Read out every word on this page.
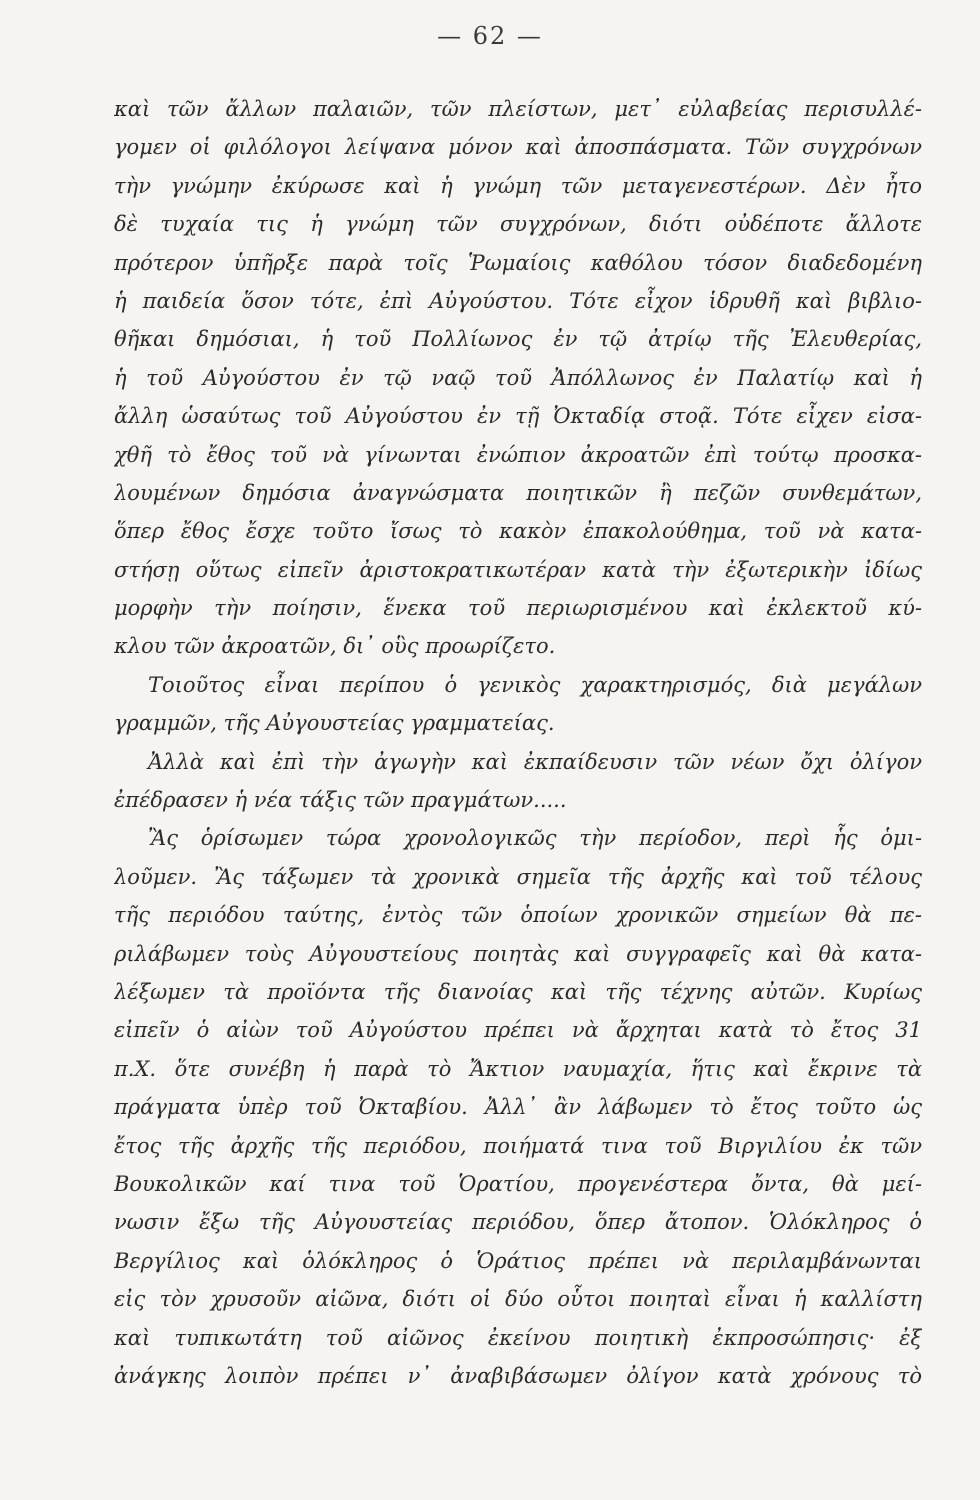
— 62 —
καὶ τῶν ἄλλων παλαιῶν, τῶν πλείστων, μετ᾽ εὐλαβείας περισυλλέ-
γομεν οἱ φιλόλογοι λείψανα μόνον καὶ ἀποσπάσματα. Τῶν συγχρόνων
τὴν γνώμην ἐκύρωσε καὶ ἡ γνώμη τῶν μεταγενεστέρων. Δὲν ἦτο
δὲ τυχαία τις ἡ γνώμη τῶν συγχρόνων, διότι οὐδέποτε ἄλλοτε
πρότερον ὑπῆρξε παρὰ τοῖς Ῥωμαίοις καθόλου τόσον διαδεδομένη
ἡ παιδεία ὅσον τότε, ἐπὶ Αὐγούστου. Τότε εἶχον ἱδρυθῆ καὶ βιβλιο-
θῆκαι δημόσιαι, ἡ τοῦ Πολλίωνος ἐν τῷ ἀτρίῳ τῆς Ἐλευθερίας,
ἡ τοῦ Αὐγούστου ἐν τῷ ναῷ τοῦ Ἀπόλλωνος ἐν Παλατίῳ καὶ ἡ
ἄλλη ὡσαύτως τοῦ Αὐγούστου ἐν τῇ Ὀκταδίᾳ στοᾷ. Τότε εἶχεν εἰσα-
χθῆ τὸ ἔθος τοῦ νὰ γίνωνται ἐνώπιον ἀκροατῶν ἐπὶ τούτῳ προσκα-
λουμένων δημόσια ἀναγνώσματα ποιητικῶν ἢ πεζῶν συνθεμάτων,
ὅπερ ἔθος ἔσχε τοῦτο ἴσως τὸ κακὸν ἐπακολούθημα, τοῦ νὰ κατα-
στήσῃ οὕτως εἰπεῖν ἀριστοκρατικωτέραν κατὰ τὴν ἐξωτερικὴν ἰδίως
μορφὴν τὴν ποίησιν, ἕνεκα τοῦ περιωρισμένου καὶ ἐκλεκτοῦ κύ-
κλου τῶν ἀκροατῶν, δι᾽ οὓς προωρίζετο.
Τοιοῦτος εἶναι περίπου ὁ γενικὸς χαρακτηρισμός, διὰ μεγάλων
γραμμῶν, τῆς Αὐγουστείας γραμματείας.
Ἀλλὰ καὶ ἐπὶ τὴν ἀγωγὴν καὶ ἐκπαίδευσιν τῶν νέων ὄχι ὀλίγον
ἐπέδρασεν ἡ νέα τάξις τῶν πραγμάτων.....
Ἂς ὁρίσωμεν τώρα χρονολογικῶς τὴν περίοδον, περὶ ἧς ὁμι-
λοῦμεν. Ἂς τάξωμεν τὰ χρονικὰ σημεῖα τῆς ἀρχῆς καὶ τοῦ τέλους
τῆς περιόδου ταύτης, ἐντὸς τῶν ὁποίων χρονικῶν σημείων θὰ πε-
ριλάβωμεν τοὺς Αὐγουστείους ποιητὰς καὶ συγγραφεῖς καὶ θὰ κατα-
λέξωμεν τὰ προϊόντα τῆς διανοίας καὶ τῆς τέχνης αὐτῶν. Κυρίως
εἰπεῖν ὁ αἰὼν τοῦ Αὐγούστου πρέπει νὰ ἄρχηται κατὰ τὸ ἔτος 31
π.Χ. ὅτε συνέβη ἡ παρὰ τὸ Ἄκτιον ναυμαχία, ἥτις καὶ ἔκρινε τὰ
πράγματα ὑπὲρ τοῦ Ὀκταβίου. Ἀλλ᾽ ἂν λάβωμεν τὸ ἔτος τοῦτο ὡς
ἔτος τῆς ἀρχῆς τῆς περιόδου, ποιήματά τινα τοῦ Βιργιλίου ἐκ τῶν
Βουκολικῶν καί τινα τοῦ Ὁρατίου, προγενέστερα ὄντα, θὰ μεί-
νωσιν ἔξω τῆς Αὐγουστείας περιόδου, ὅπερ ἄτοπον. Ὁλόκληρος ὁ
Βεργίλιος καὶ ὁλόκληρος ὁ Ὁράτιος πρέπει νὰ περιλαμβάνωνται
εἰς τὸν χρυσοῦν αἰῶνα, διότι οἱ δύο οὗτοι ποιηταὶ εἶναι ἡ καλλίστη
καὶ τυπικωτάτη τοῦ αἰῶνος ἐκείνου ποιητικὴ ἐκπροσώπησις· ἐξ
ἀνάγκης λοιπὸν πρέπει ν᾽ ἀναβιβάσωμεν ὀλίγον κατὰ χρόνους τὸ
